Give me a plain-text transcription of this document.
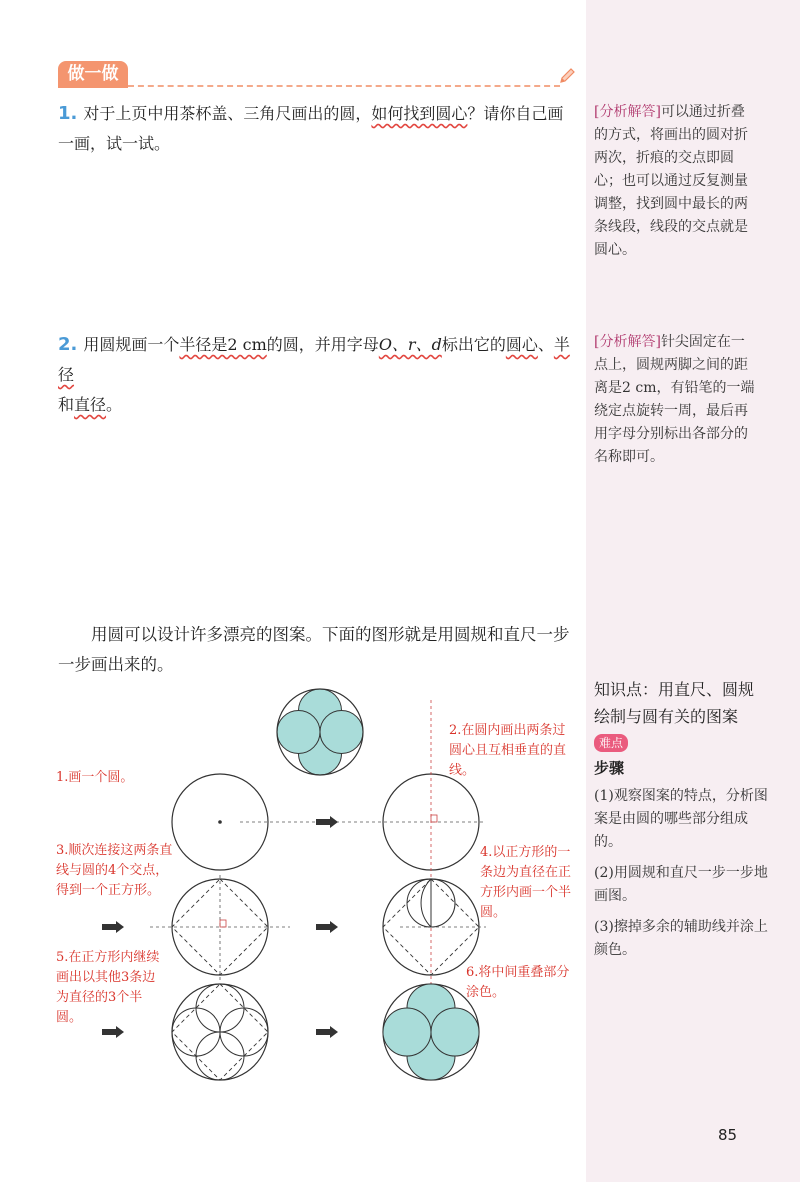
做一做
1. 对于上页中用茶杯盖、三角尺画出的圆，如何找到圆心？请你自己画
一画，试一试。
2. 用圆规画一个半径是2 cm的圆，并用字母O、r、d标出它的圆心、半径
和直径。
[分析解答]可以通过折叠的方式，将画出的圆对折两次，折痕的交点即圆心；也可以通过反复测量调整，找到圆中最长的两条线段，线段的交点就是圆心。
[分析解答]针尖固定在一点上，圆规两脚之间的距离是2 cm，有铅笔的一端绕定点旋转一周，最后再用字母分别标出各部分的名称即可。
用圆可以设计许多漂亮的图案。下面的图形就是用圆规和直尺一步一步画出来的。
知识点：用直尺、圆规绘制与圆有关的图案 难点
步骤
(1)观察图案的特点，分析图案是由圆的哪些部分组成的。
(2)用圆规和直尺一步一步地画图。
(3)擦掉多余的辅助线并涂上颜色。
1.画一个圆。
2.在圆内画出两条过圆心且互相垂直的直线。
3.顺次连接这两条直线与圆的4个交点，得到一个正方形。
4.以正方形的一条边为直径在正方形内画一个半圆。
5.在正方形内继续画出以其他3条边为直径的3个半圆。
6.将中间重叠部分涂色。
85
